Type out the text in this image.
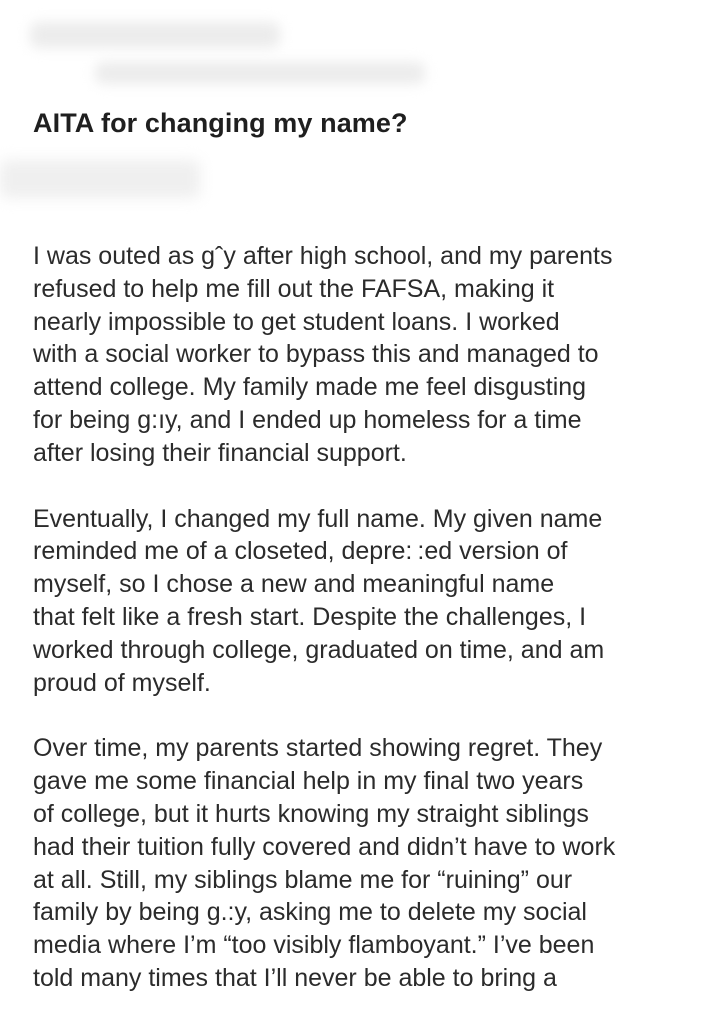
AITA for changing my name?

I was outed as gˆy after high school, and my parents
refused to help me fill out the FAFSA, making it
nearly impossible to get student loans. I worked
with a social worker to bypass this and managed to
attend college. My family made me feel disgusting
for being g:ıy, and I ended up homeless for a time
after losing their financial support.

Eventually, I changed my full name. My given name
reminded me of a closeted, depre: :ed version of
myself, so I chose a new and meaningful name
that felt like a fresh start. Despite the challenges, I
worked through college, graduated on time, and am
proud of myself.

Over time, my parents started showing regret. They
gave me some financial help in my final two years
of college, but it hurts knowing my straight siblings
had their tuition fully covered and didn’t have to work
at all. Still, my siblings blame me for “ruining” our
family by being g.:y, asking me to delete my social
media where I’m “too visibly flamboyant.” I’ve been
told many times that I’ll never be able to bring a
